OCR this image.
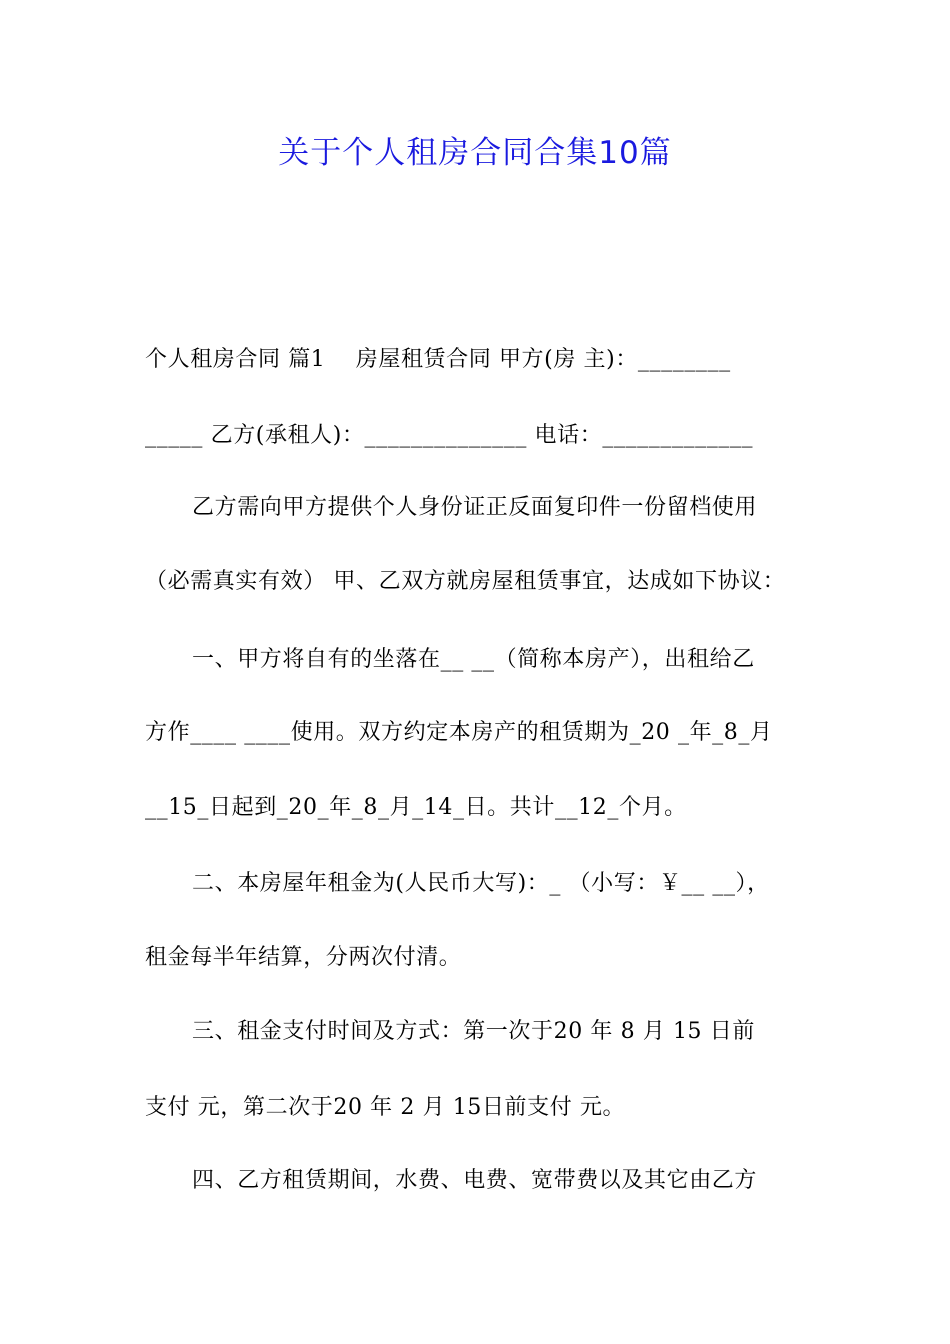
关于个人租房合同合集10篇
个人租房合同 篇1    房屋租赁合同 甲方(房 主)：________
_____ 乙方(承租人)：______________ 电话：_____________
乙方需向甲方提供个人身份证正反面复印件一份留档使用
（必需真实有效） 甲、乙双方就房屋租赁事宜，达成如下协议：
一、甲方将自有的坐落在__ __（简称本房产），出租给乙
方作____ ____使用。双方约定本房产的租赁期为_20 _年_8_月
__15_日起到_20_年_8_月_14_日。共计__12_个月。
二、本房屋年租金为(人民币大写)：_ （小写：￥__ __），
租金每半年结算，分两次付清。
三、租金支付时间及方式：第一次于20 年 8 月 15 日前
支付 元，第二次于20 年 2 月 15日前支付 元。
四、乙方租赁期间，水费、电费、宽带费以及其它由乙方
